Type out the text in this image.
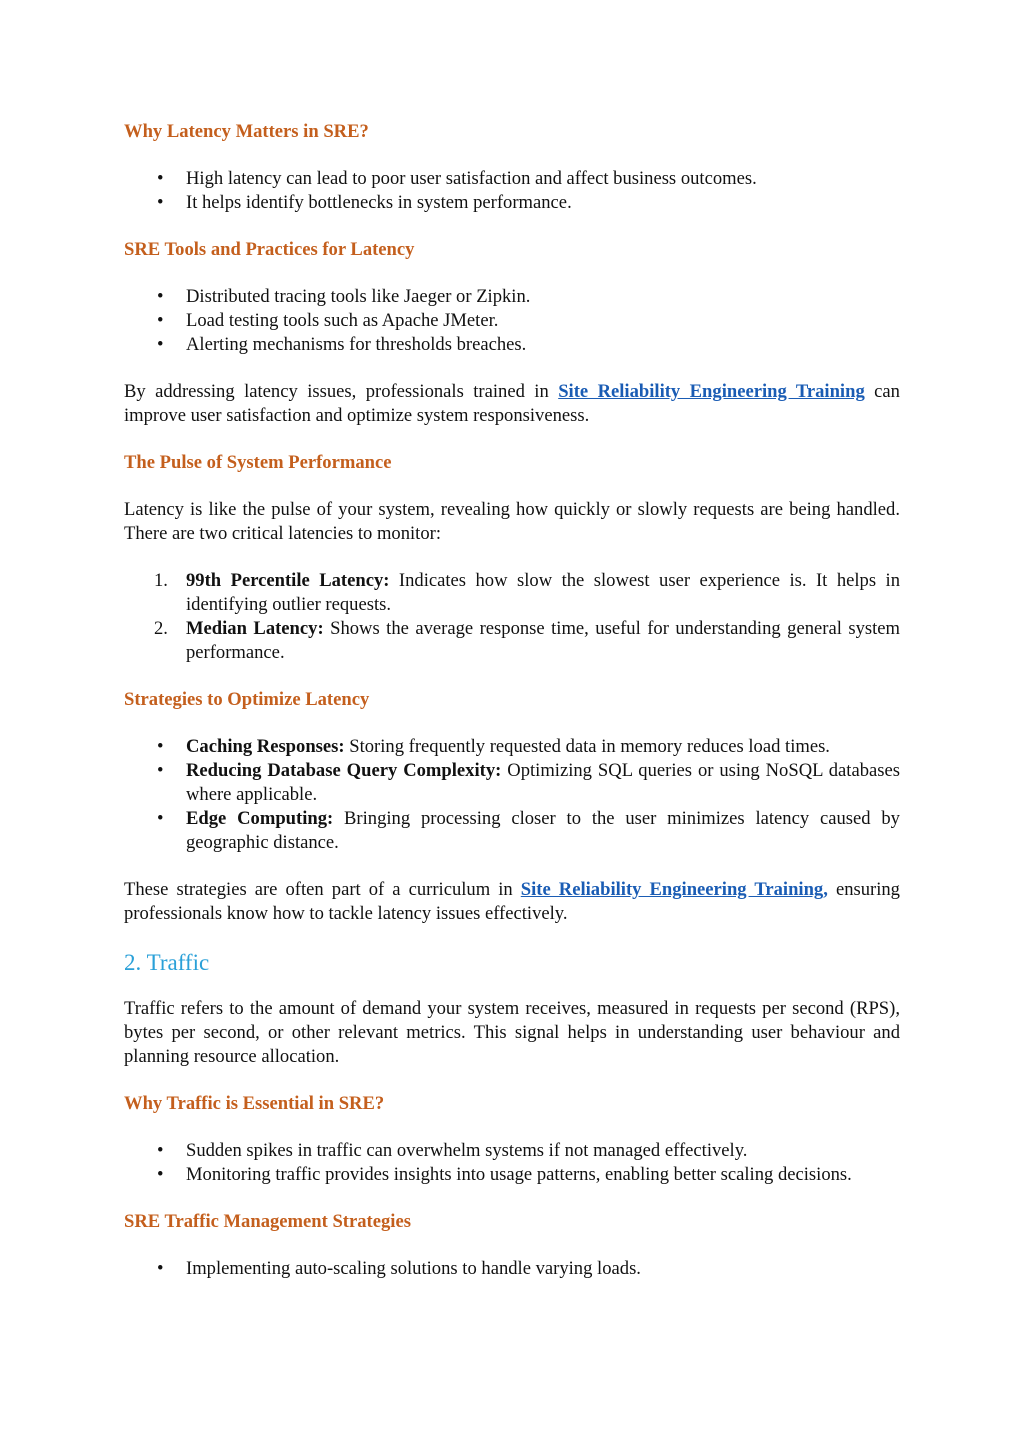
Why Latency Matters in SRE?
• High latency can lead to poor user satisfaction and affect business outcomes.
• It helps identify bottlenecks in system performance.
SRE Tools and Practices for Latency
• Distributed tracing tools like Jaeger or Zipkin.
• Load testing tools such as Apache JMeter.
• Alerting mechanisms for thresholds breaches.

By addressing latency issues, professionals trained in Site Reliability Engineering Training can improve user satisfaction and optimize system responsiveness.

The Pulse of System Performance

Latency is like the pulse of your system, revealing how quickly or slowly requests are being handled. There are two critical latencies to monitor:

1. 99th Percentile Latency: Indicates how slow the slowest user experience is. It helps in identifying outlier requests.
2. Median Latency: Shows the average response time, useful for understanding general system performance.
Strategies to Optimize Latency
• Caching Responses: Storing frequently requested data in memory reduces load times.
• Reducing Database Query Complexity: Optimizing SQL queries or using NoSQL databases where applicable.
• Edge Computing: Bringing processing closer to the user minimizes latency caused by geographic distance.

These strategies are often part of a curriculum in Site Reliability Engineering Training, ensuring professionals know how to tackle latency issues effectively.

2. Traffic

Traffic refers to the amount of demand your system receives, measured in requests per second (RPS), bytes per second, or other relevant metrics. This signal helps in understanding user behaviour and planning resource allocation.

Why Traffic is Essential in SRE?
• Sudden spikes in traffic can overwhelm systems if not managed effectively.
• Monitoring traffic provides insights into usage patterns, enabling better scaling decisions.
SRE Traffic Management Strategies
• Implementing auto-scaling solutions to handle varying loads.
